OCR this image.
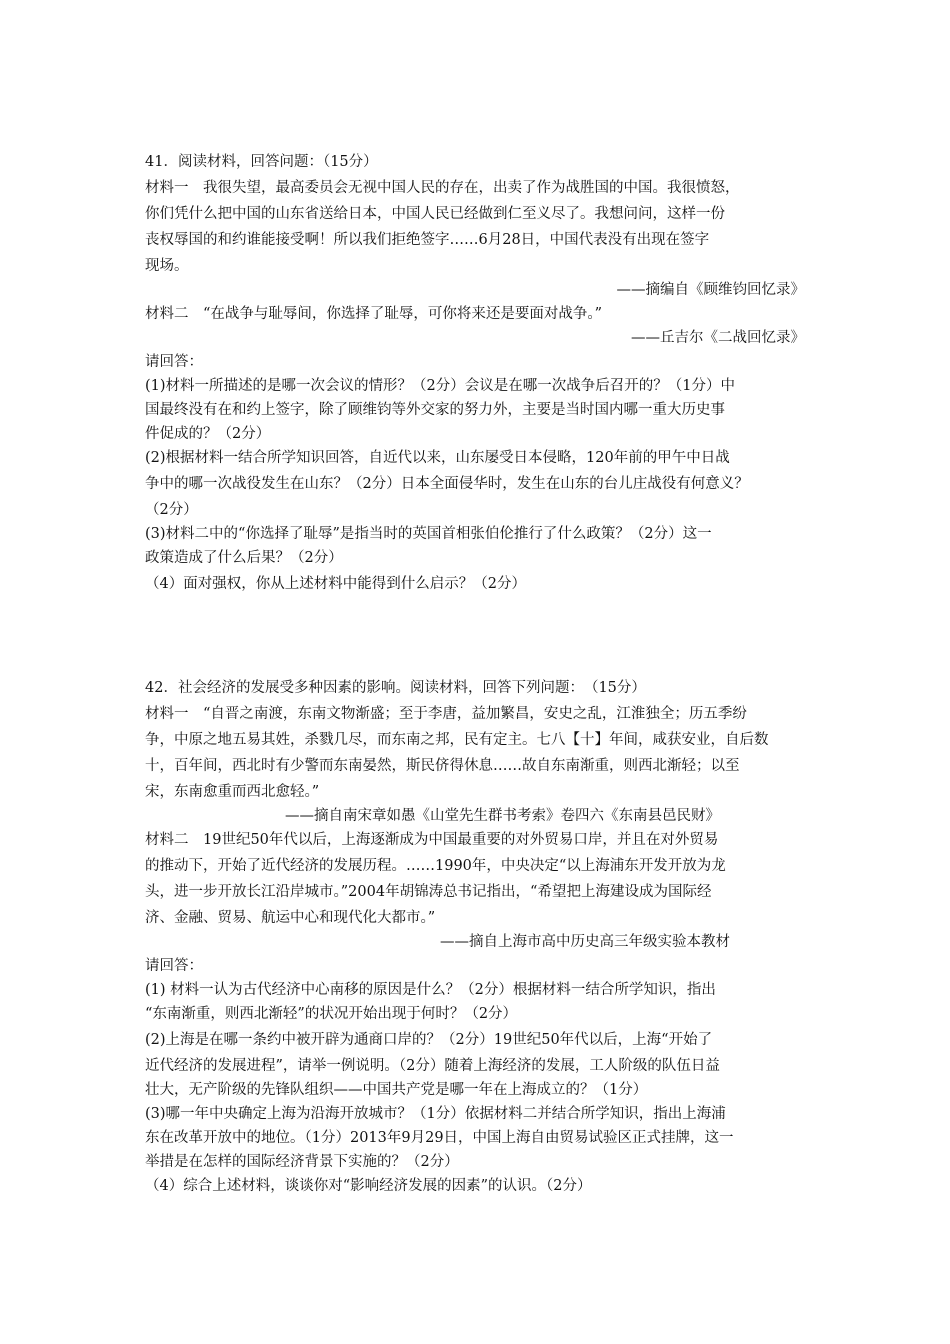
41．阅读材料，回答问题：（15分）
材料一　我很失望，最高委员会无视中国人民的存在，出卖了作为战胜国的中国。我很愤怒，
你们凭什么把中国的山东省送给日本，中国人民已经做到仁至义尽了。我想问问，这样一份
丧权辱国的和约谁能接受啊！所以我们拒绝签字……6月28日，中国代表没有出现在签字
现场。
——摘编自《顾维钧回忆录》
材料二　“在战争与耻辱间，你选择了耻辱，可你将来还是要面对战争。”
——丘吉尔《二战回忆录》
请回答：
(1)材料一所描述的是哪一次会议的情形？（2分）会议是在哪一次战争后召开的？（1分）中
国最终没有在和约上签字，除了顾维钧等外交家的努力外，主要是当时国内哪一重大历史事
件促成的？（2分）
(2)根据材料一结合所学知识回答，自近代以来，山东屡受日本侵略，120年前的甲午中日战
争中的哪一次战役发生在山东？（2分）日本全面侵华时，发生在山东的台儿庄战役有何意义？
（2分）
(3)材料二中的“你选择了耻辱”是指当时的英国首相张伯伦推行了什么政策？（2分）这一
政策造成了什么后果？（2分）
（4）面对强权，你从上述材料中能得到什么启示？（2分）
42．社会经济的发展受多种因素的影响。阅读材料，回答下列问题：　（15分）
材料一　“自晋之南渡，东南文物渐盛；至于李唐，益加繁昌，安史之乱，江淮独全；历五季纷
争，中原之地五易其姓，杀戮几尽，而东南之邦，民有定主。七八【十】年间，咸获安业，自后数
十，百年间，西北时有少警而东南晏然，斯民侪得休息……故自东南渐重，则西北渐轻；以至
宋，东南愈重而西北愈轻。”
——摘自南宋章如愚《山堂先生群书考索》卷四六《东南县邑民财》
材料二　19世纪50年代以后，上海逐渐成为中国最重要的对外贸易口岸，并且在对外贸易
的推动下，开始了近代经济的发展历程。……1990年，中央决定“以上海浦东开发开放为龙
头，进一步开放长江沿岸城市。”2004年胡锦涛总书记指出，“希望把上海建设成为国际经
济、金融、贸易、航运中心和现代化大都市。”
——摘自上海市高中历史高三年级实验本教材
请回答：
(1) 材料一认为古代经济中心南移的原因是什么？（2分）根据材料一结合所学知识，指出
“东南渐重，则西北渐轻”的状况开始出现于何时？（2分）
(2)上海是在哪一条约中被开辟为通商口岸的？（2分）19世纪50年代以后，上海“开始了
近代经济的发展进程”，请举一例说明。（2分）随着上海经济的发展，工人阶级的队伍日益
壮大，无产阶级的先锋队组织——中国共产党是哪一年在上海成立的？（1分）
(3)哪一年中央确定上海为沿海开放城市？（1分）依据材料二并结合所学知识，指出上海浦
东在改革开放中的地位。（1分）2013年9月29日，中国上海自由贸易试验区正式挂牌，这一
举措是在怎样的国际经济背景下实施的？（2分）
（4）综合上述材料，谈谈你对“影响经济发展的因素”的认识。（2分）
